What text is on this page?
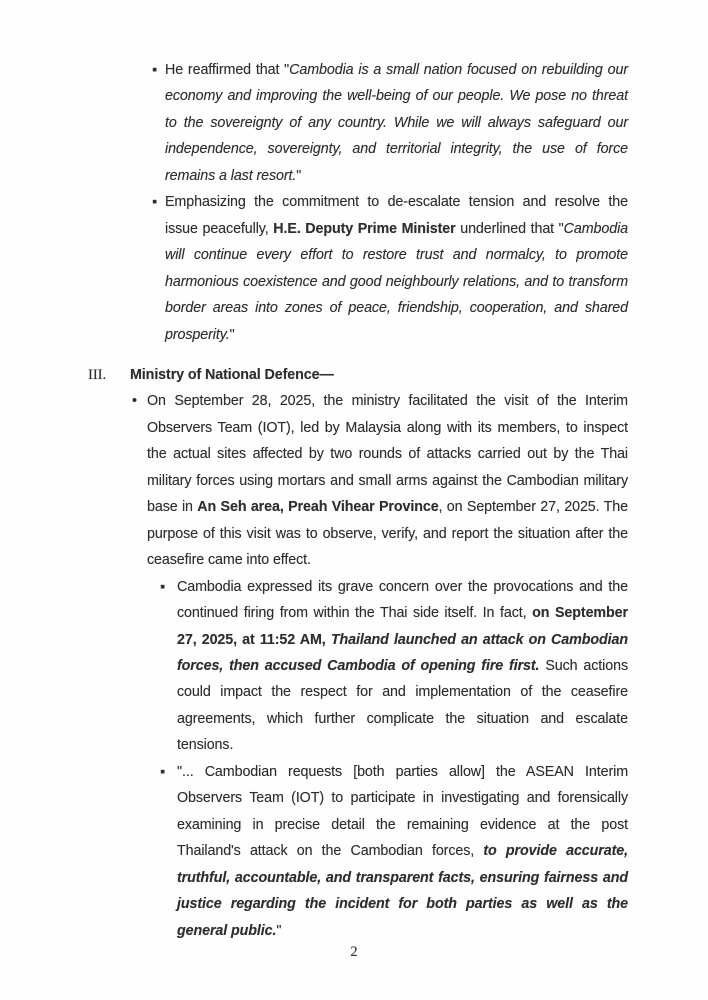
▪ He reaffirmed that "Cambodia is a small nation focused on rebuilding our economy and improving the well-being of our people. We pose no threat to the sovereignty of any country. While we will always safeguard our independence, sovereignty, and territorial integrity, the use of force remains a last resort."
▪ Emphasizing the commitment to de-escalate tension and resolve the issue peacefully, H.E. Deputy Prime Minister underlined that "Cambodia will continue every effort to restore trust and normalcy, to promote harmonious coexistence and good neighbourly relations, and to transform border areas into zones of peace, friendship, cooperation, and shared prosperity."
III.	Ministry of National Defence—
• On September 28, 2025, the ministry facilitated the visit of the Interim Observers Team (IOT), led by Malaysia along with its members, to inspect the actual sites affected by two rounds of attacks carried out by the Thai military forces using mortars and small arms against the Cambodian military base in An Seh area, Preah Vihear Province, on September 27, 2025. The purpose of this visit was to observe, verify, and report the situation after the ceasefire came into effect.
▪ Cambodia expressed its grave concern over the provocations and the continued firing from within the Thai side itself. In fact, on September 27, 2025, at 11:52 AM, Thailand launched an attack on Cambodian forces, then accused Cambodia of opening fire first. Such actions could impact the respect for and implementation of the ceasefire agreements, which further complicate the situation and escalate tensions.
▪ "... Cambodian requests [both parties allow] the ASEAN Interim Observers Team (IOT) to participate in investigating and forensically examining in precise detail the remaining evidence at the post Thailand's attack on the Cambodian forces, to provide accurate, truthful, accountable, and transparent facts, ensuring fairness and justice regarding the incident for both parties as well as the general public."
2
